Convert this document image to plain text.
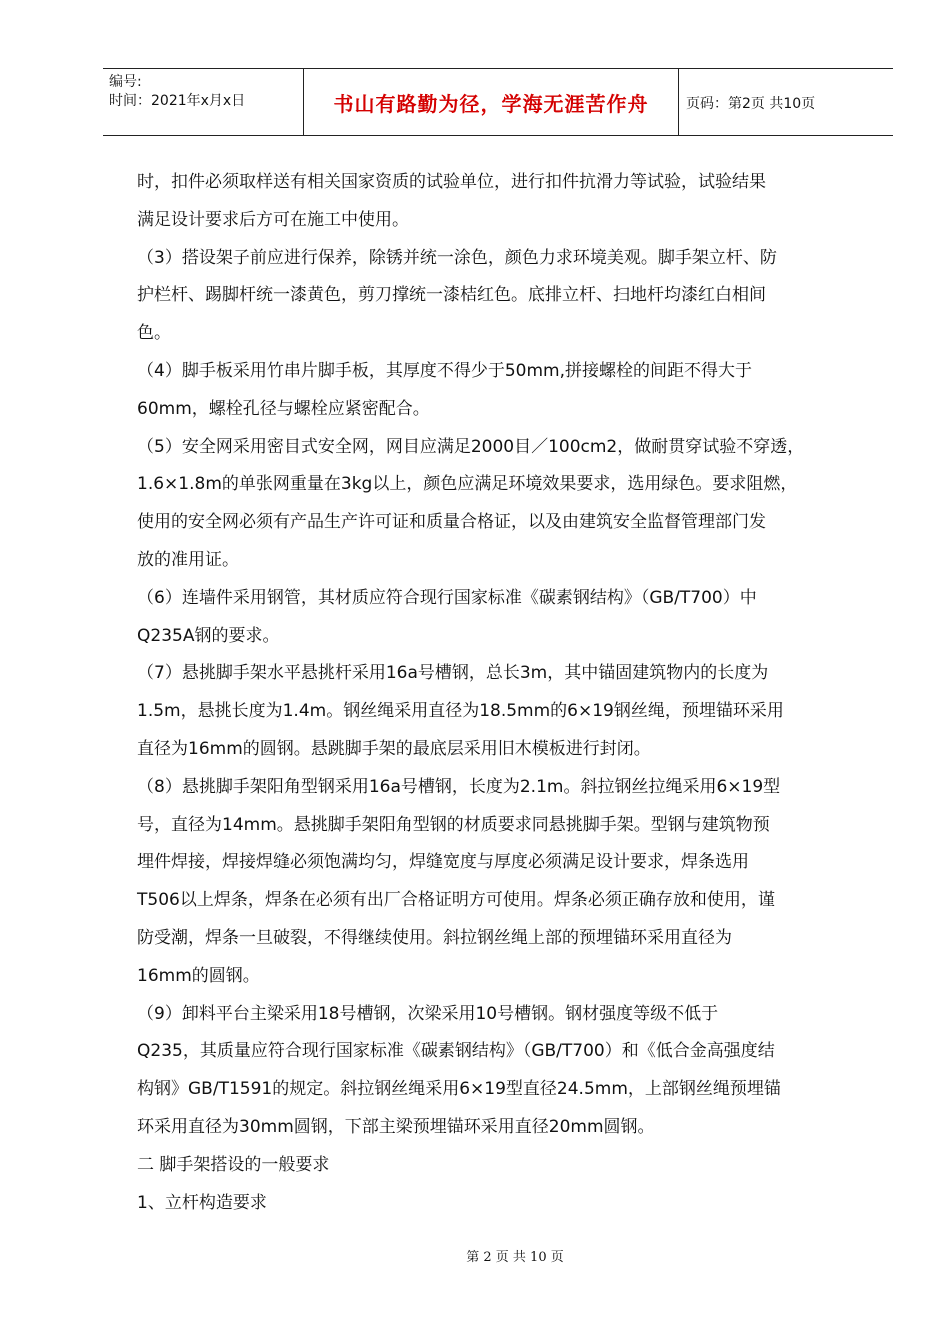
编号:
时间：2021年x月x日	书山有路勤为径，学海无涯苦作舟	页码：第2页 共10页

时，扣件必须取样送有相关国家资质的试验单位，进行扣件抗滑力等试验，试验结果

满足设计要求后方可在施工中使用。

（3）搭设架子前应进行保养，除锈并统一涂色，颜色力求环境美观。脚手架立杆、防

护栏杆、踢脚杆统一漆黄色，剪刀撑统一漆桔红色。底排立杆、扫地杆均漆红白相间

色。

（4）脚手板采用竹串片脚手板，其厚度不得少于50mm,拼接螺栓的间距不得大于

60mm，螺栓孔径与螺栓应紧密配合。

（5）安全网采用密目式安全网，网目应满足2000目／100cm2，做耐贯穿试验不穿透，

1.6×1.8m的单张网重量在3kg以上，颜色应满足环境效果要求，选用绿色。要求阻燃，

使用的安全网必须有产品生产许可证和质量合格证，以及由建筑安全监督管理部门发

放的准用证。

（6）连墙件采用钢管，其材质应符合现行国家标准《碳素钢结构》（GB/T700）中

Q235A钢的要求。

（7）悬挑脚手架水平悬挑杆采用16a号槽钢，总长3m，其中锚固建筑物内的长度为

1.5m，悬挑长度为1.4m。钢丝绳采用直径为18.5mm的6×19钢丝绳，预埋锚环采用

直径为16mm的圆钢。悬跳脚手架的最底层采用旧木模板进行封闭。

（8）悬挑脚手架阳角型钢采用16a号槽钢，长度为2.1m。斜拉钢丝拉绳采用6×19型

号，直径为14mm。悬挑脚手架阳角型钢的材质要求同悬挑脚手架。型钢与建筑物预

埋件焊接，焊接焊缝必须饱满均匀，焊缝宽度与厚度必须满足设计要求，焊条选用

T506以上焊条，焊条在必须有出厂合格证明方可使用。焊条必须正确存放和使用，谨

防受潮，焊条一旦破裂，不得继续使用。斜拉钢丝绳上部的预埋锚环采用直径为

16mm的圆钢。

（9）卸料平台主梁采用18号槽钢，次梁采用10号槽钢。钢材强度等级不低于

Q235，其质量应符合现行国家标准《碳素钢结构》（GB/T700）和《低合金高强度结

构钢》GB/T1591的规定。斜拉钢丝绳采用6×19型直径24.5mm，上部钢丝绳预埋锚

环采用直径为30mm圆钢，下部主梁预埋锚环采用直径20mm圆钢。

二 脚手架搭设的一般要求

1、立杆构造要求

第 2 页 共 10 页
